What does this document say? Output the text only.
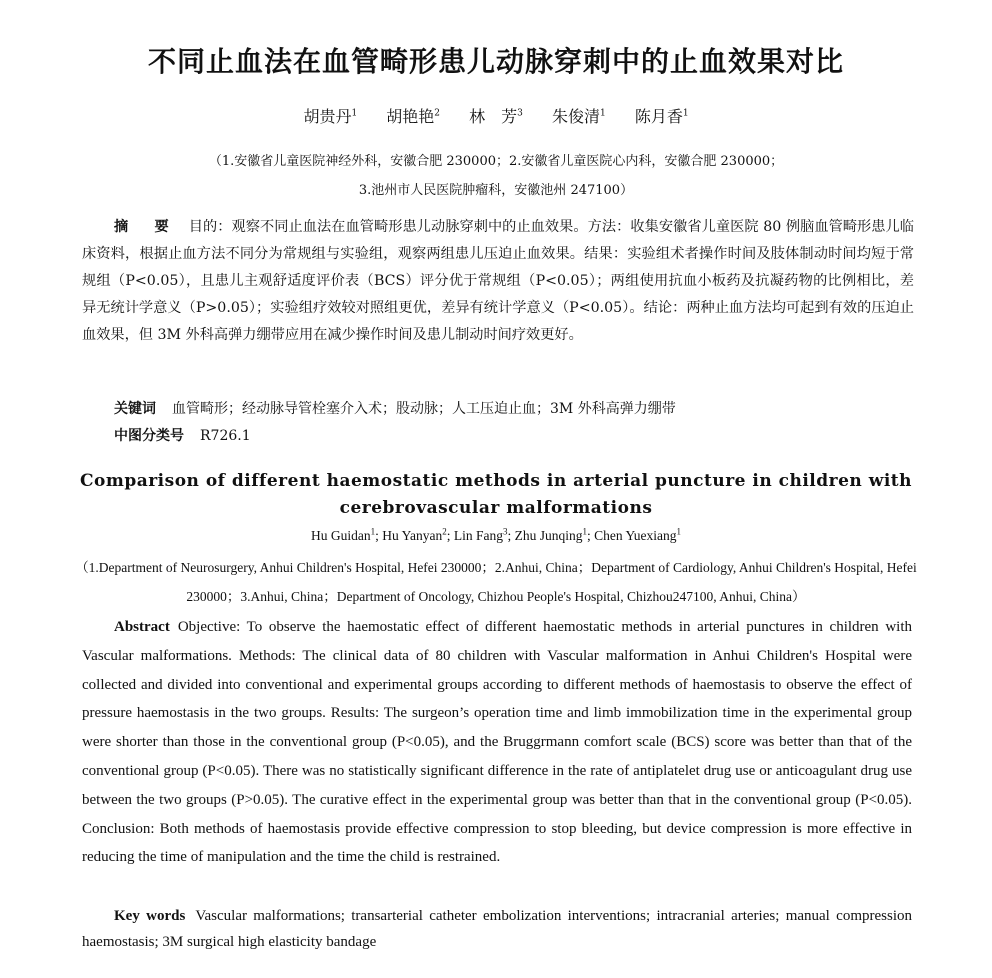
不同止血法在血管畸形患儿动脉穿刺中的止血效果对比
胡贵丹$^1$ 胡艳艳$^2$ 林　芳$^3$ 朱俊清$^1$ 陈月香$^1$
（1.安徽省儿童医院神经外科，安徽合肥 230000；2.安徽省儿童医院心内科，安徽合肥 230000；
3.池州市人民医院肿瘤科，安徽池州 247100）

摘　要 目的：观察不同止血法在血管畸形患儿动脉穿刺中的止血效果。方法：收集安徽省儿童医院 80 例脑血管畸形患儿临床资料，根据止血方法不同分为常规组与实验组，观察两组患儿压迫止血效果。结果：实验组术者操作时间及肢体制动时间均短于常规组（P<0.05），且患儿主观舒适度评价表（BCS）评分优于常规组（P<0.05）；两组使用抗血小板药及抗凝药物的比例相比，差异无统计学意义（P>0.05）；实验组疗效较对照组更优，差异有统计学意义（P<0.05）。结论：两种止血方法均可起到有效的压迫止血效果，但 3M 外科高弹力绷带应用在减少操作时间及患儿制动时间疗效更好。

关键词 血管畸形；经动脉导管栓塞介入术；股动脉；人工压迫止血；3M 外科高弹力绷带
中图分类号 R726.1
Comparison of different haemostatic methods in arterial puncture in children with cerebrovascular malformations
Hu Guidan$^1$; Hu Yanyan$^2$; Lin Fang$^3$; Zhu Junqing$^1$; Chen Yuexiang$^1$

（1.Department of Neurosurgery, Anhui Children's Hospital, Hefei 230000；2.Anhui, China；Department of Cardiology, Anhui Children's Hospital, Hefei 230000；3.Anhui, China；Department of Oncology, Chizhou People's Hospital, Chizhou247100, Anhui, China）

Abstract Objective: To observe the haemostatic effect of different haemostatic methods in arterial punctures in children with Vascular malformations. Methods: The clinical data of 80 children with Vascular malformation in Anhui Children's Hospital were collected and divided into conventional and experimental groups according to different methods of haemostasis to observe the effect of pressure haemostasis in the two groups. Results: The surgeon’s operation time and limb immobilization time in the experimental group were shorter than those in the conventional group (P<0.05), and the Bruggrmann comfort scale (BCS) score was better than that of the conventional group (P<0.05). There was no statistically significant difference in the rate of antiplatelet drug use or anticoagulant drug use between the two groups (P>0.05). The curative effect in the experimental group was better than that in the conventional group (P<0.05). Conclusion: Both methods of haemostasis provide effective compression to stop bleeding, but device compression is more effective in reducing the time of manipulation and the time the child is restrained.

Key words Vascular malformations; transarterial catheter embolization interventions; intracranial arteries; manual compression haemostasis; 3M surgical high elasticity bandage
